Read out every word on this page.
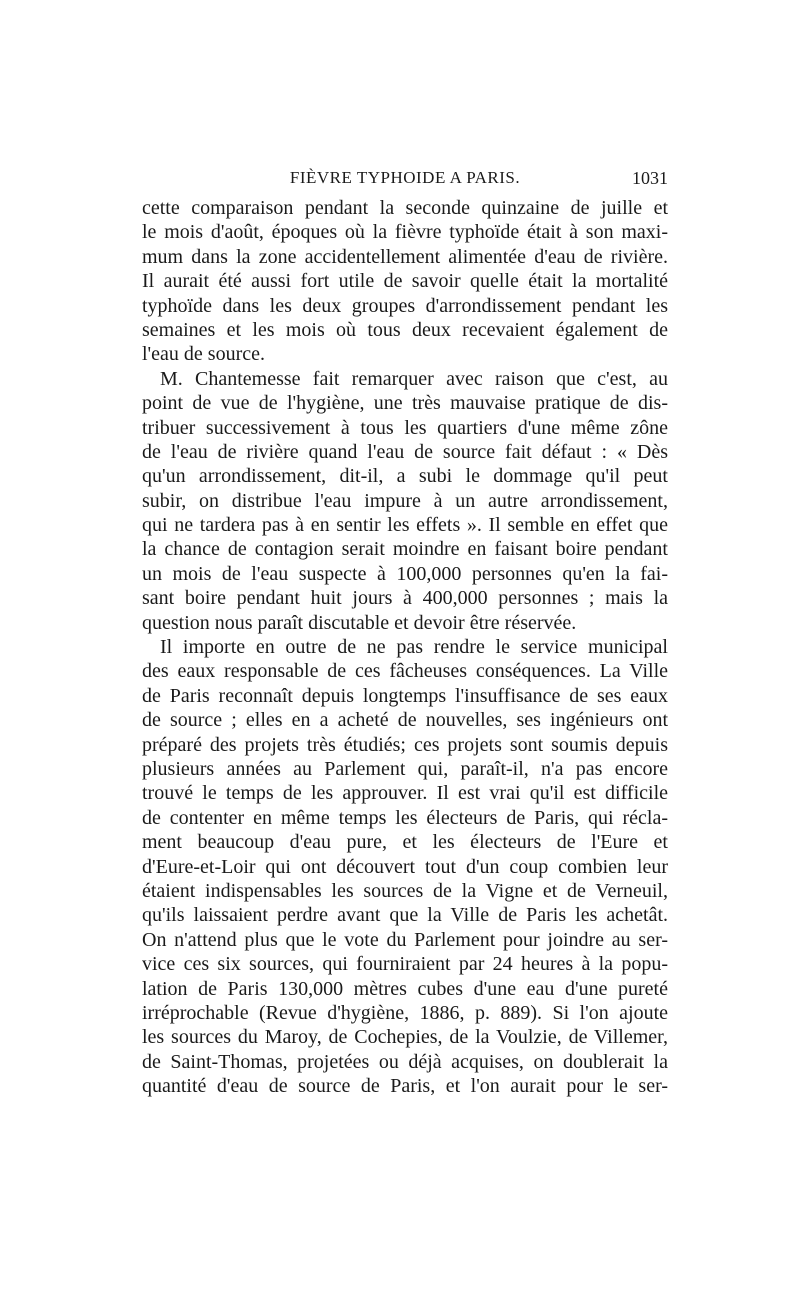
FIÈVRE TYPHOIDE A PARIS.	1031
cette comparaison pendant la seconde quinzaine de juille et
le mois d'août, époques où la fièvre typhoïde était à son maxi-
mum dans la zone accidentellement alimentée d'eau de rivière.
Il aurait été aussi fort utile de savoir quelle était la mortalité
typhoïde dans les deux groupes d'arrondissement pendant les
semaines et les mois où tous deux recevaient également de
l'eau de source.
M. Chantemesse fait remarquer avec raison que c'est, au
point de vue de l'hygiène, une très mauvaise pratique de dis-
tribuer successivement à tous les quartiers d'une même zône
de l'eau de rivière quand l'eau de source fait défaut : « Dès
qu'un arrondissement, dit-il, a subi le dommage qu'il peut
subir, on distribue l'eau impure à un autre arrondissement,
qui ne tardera pas à en sentir les effets ». Il semble en effet que
la chance de contagion serait moindre en faisant boire pendant
un mois de l'eau suspecte à 100,000 personnes qu'en la fai-
sant boire pendant huit jours à 400,000 personnes ; mais la
question nous paraît discutable et devoir être réservée.
Il importe en outre de ne pas rendre le service municipal
des eaux responsable de ces fâcheuses conséquences. La Ville
de Paris reconnaît depuis longtemps l'insuffisance de ses eaux
de source ; elles en a acheté de nouvelles, ses ingénieurs ont
préparé des projets très étudiés; ces projets sont soumis depuis
plusieurs années au Parlement qui, paraît-il, n'a pas encore
trouvé le temps de les approuver. Il est vrai qu'il est difficile
de contenter en même temps les électeurs de Paris, qui récla-
ment beaucoup d'eau pure, et les électeurs de l'Eure et
d'Eure-et-Loir qui ont découvert tout d'un coup combien leur
étaient indispensables les sources de la Vigne et de Verneuil,
qu'ils laissaient perdre avant que la Ville de Paris les achetât.
On n'attend plus que le vote du Parlement pour joindre au ser-
vice ces six sources, qui fourniraient par 24 heures à la popu-
lation de Paris 130,000 mètres cubes d'une eau d'une pureté
irréprochable (Revue d'hygiène, 1886, p. 889). Si l'on ajoute
les sources du Maroy, de Cochepies, de la Voulzie, de Villemer,
de Saint-Thomas, projetées ou déjà acquises, on doublerait la
quantité d'eau de source de Paris, et l'on aurait pour le ser-
